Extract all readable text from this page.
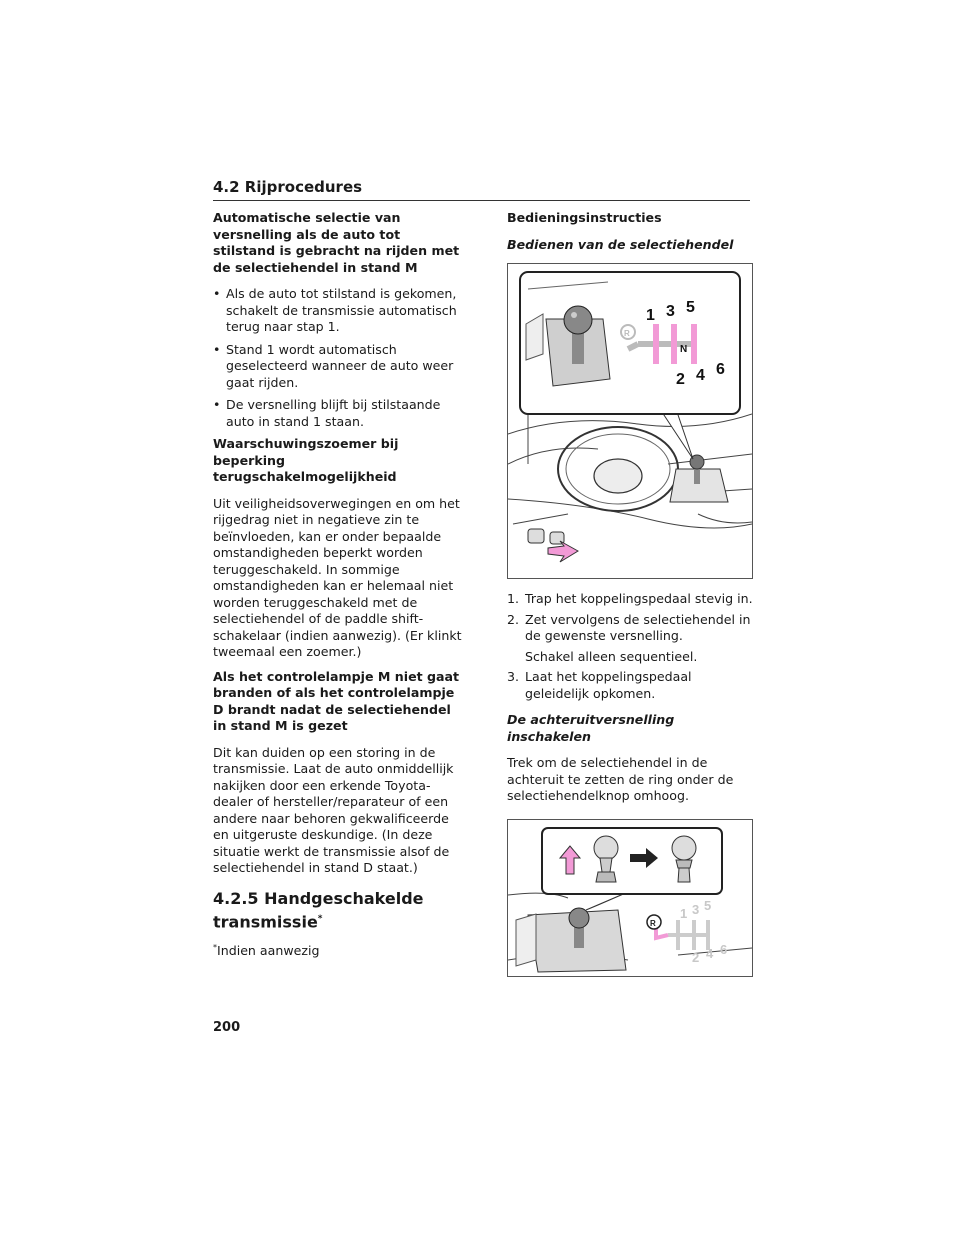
4.2 Rijprocedures
Automatische selectie van versnelling als de auto tot stilstand is gebracht na rijden met de selectiehendel in stand M
• Als de auto tot stilstand is gekomen, schakelt de transmissie automatisch terug naar stap 1.
• Stand 1 wordt automatisch geselecteerd wanneer de auto weer gaat rijden.
• De versnelling blijft bij stilstaande auto in stand 1 staan.
Waarschuwingszoemer bij beperking terugschakelmogelijkheid
Uit veiligheidsoverwegingen en om het rijgedrag niet in negatieve zin te beïnvloeden, kan er onder bepaalde omstandigheden beperkt worden teruggeschakeld. In sommige omstandigheden kan er helemaal niet worden teruggeschakeld met de selectiehendel of de paddle shift-schakelaar (indien aanwezig). (Er klinkt tweemaal een zoemer.)
Als het controlelampje M niet gaat branden of als het controlelampje D brandt nadat de selectiehendel in stand M is gezet
Dit kan duiden op een storing in de transmissie. Laat de auto onmiddellijk nakijken door een erkende Toyota-dealer of hersteller/reparateur of een andere naar behoren gekwalificeerde en uitgeruste deskundige. (In deze situatie werkt de transmissie alsof de selectiehendel in stand D staat.)
4.2.5 Handgeschakelde transmissie*
*Indien aanwezig
Bedieningsinstructies
Bedienen van de selectiehendel
1 3 5
N
2 4 6
R
1. Trap het koppelingspedaal stevig in.
2. Zet vervolgens de selectiehendel in de gewenste versnelling.
Schakel alleen sequentieel.
3. Laat het koppelingspedaal geleidelijk opkomen.
De achteruitversnelling inschakelen
Trek om de selectiehendel in de achteruit te zetten de ring onder de selectiehendelknop omhoog.
1 3 5
2 4 6
R
200
